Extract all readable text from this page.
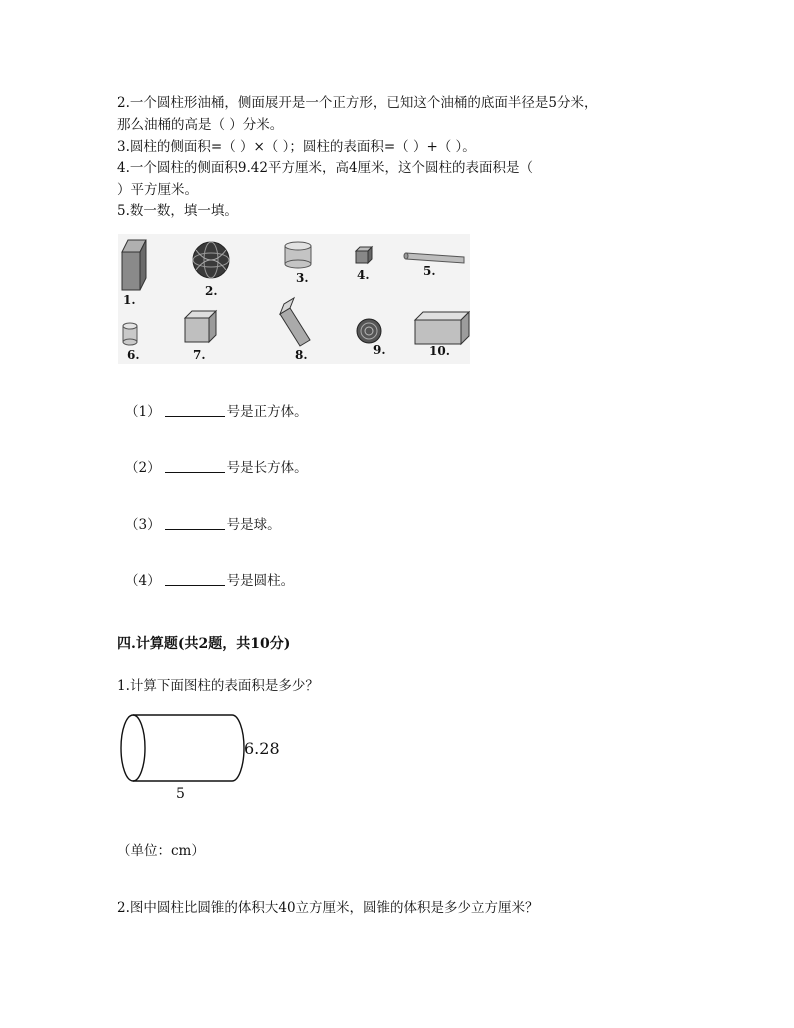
2.一个圆柱形油桶，侧面展开是一个正方形，已知这个油桶的底面半径是5分米，
那么油桶的高是（ ）分米。
3.圆柱的侧面积=（ ）×（ ）；圆柱的表面积=（ ）+（ ）。
4.一个圆柱的侧面积9.42平方厘米，高4厘米，这个圆柱的表面积是（
）平方厘米。
5.数一数，填一填。
1.
2.
3.	4.	5.
6.	7.	8.	9.	10.
（1）	号是正方体。
（2）	号是长方体。
（3）	号是球。
（4）	号是圆柱。
四.计算题(共2题，共10分)
1.计算下面图柱的表面积是多少？
6.28
5
（单位：cm）
2.图中圆柱比圆锥的体积大40立方厘米，圆锥的体积是多少立方厘米？
